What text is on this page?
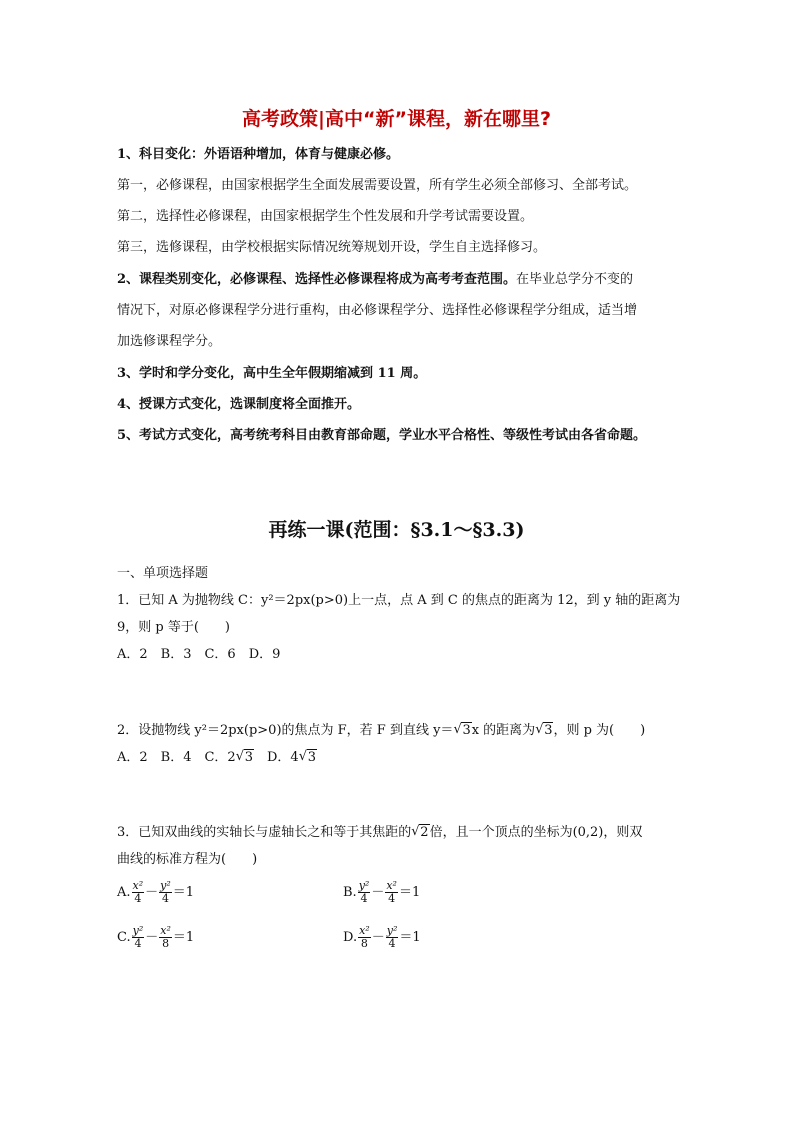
高考政策|高中“新”课程，新在哪里?
1、科目变化：外语语种增加，体育与健康必修。
第一，必修课程，由国家根据学生全面发展需要设置，所有学生必须全部修习、全部考试。
第二，选择性必修课程，由国家根据学生个性发展和升学考试需要设置。
第三，选修课程，由学校根据实际情况统筹规划开设，学生自主选择修习。
2、课程类别变化，必修课程、选择性必修课程将成为高考考查范围。在毕业总学分不变的
情况下，对原必修课程学分进行重构，由必修课程学分、选择性必修课程学分组成，适当增
加选修课程学分。
3、学时和学分变化，高中生全年假期缩减到 11 周。
4、授课方式变化，选课制度将全面推开。
5、考试方式变化，高考统考科目由教育部命题，学业水平合格性、等级性考试由各省命题。
再练一课(范围：§3.1～§3.3)
一、单项选择题
1．已知 A 为抛物线 C：y²＝2px(p>0)上一点，点 A 到 C 的焦点的距离为 12，到 y 轴的距离为
9，则 p 等于(　　)
A．2　B．3　C．6　D．9
2．设抛物线 y²＝2px(p>0)的焦点为 F，若 F 到直线 y＝ √ 3x 的距离为 √ 3，则 p 为(　　)
A．2　B．4　C．2 √ 3　D．4 √ 3
3．已知双曲线的实轴长与虚轴长之和等于其焦距的 √ 2倍，且一个顶点的坐标为(0,2)，则双
曲线的标准方程为(　　)
A. $\frac{\text{x²}}{4} - \frac{\text{y²}}{4} =1$	B. $\frac{\text{y²}}{4} - \frac{\text{x²}}{4} =1$
C. $\frac{\text{y²}}{4} - \frac{\text{x²}}{8} =1$	D. $\frac{\text{x²}}{8} - \frac{\text{y²}}{4} =1$
